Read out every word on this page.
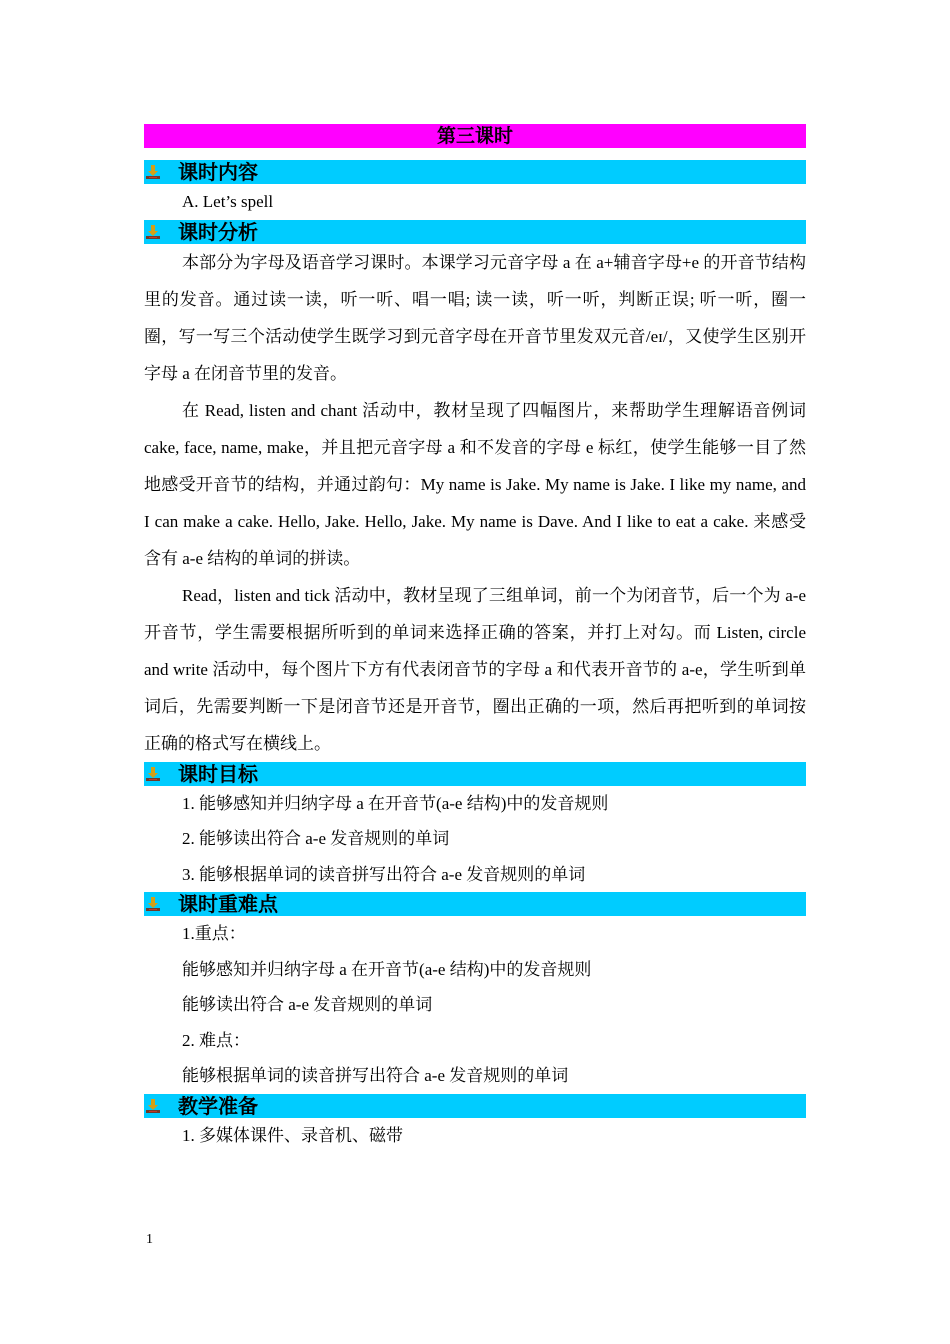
第三课时
课时内容

A. Let’s spell

课时分析

本部分为字母及语音学习课时。本课学习元音字母 a 在 a+辅音字母+e 的开音节结构里的发音。通过读一读，听一听、唱一唱; 读一读，听一听，判断正误; 听一听，圈一圈，写一写三个活动使学生既学习到元音字母在开音节里发双元音/eɪ/，又使学生区别开字母 a 在闭音节里的发音。

在 Read, listen and chant 活动中，教材呈现了四幅图片，来帮助学生理解语音例词 cake, face, name, make，并且把元音字母 a 和不发音的字母 e 标红，使学生能够一目了然地感受开音节的结构，并通过韵句：My name is Jake. My name is Jake. I like my name, and I can make a cake. Hello, Jake. Hello, Jake. My name is Dave. And I like to eat a cake. 来感受含有 a-e 结构的单词的拼读。

Read，listen and tick 活动中，教材呈现了三组单词，前一个为闭音节，后一个为 a-e 开音节，学生需要根据所听到的单词来选择正确的答案，并打上对勾。而 Listen, circle and write 活动中，每个图片下方有代表闭音节的字母 a 和代表开音节的 a-e，学生听到单词后，先需要判断一下是闭音节还是开音节，圈出正确的一项，然后再把听到的单词按正确的格式写在横线上。

课时目标

1. 能够感知并归纳字母 a 在开音节(a-e 结构)中的发音规则

2. 能够读出符合 a-e 发音规则的单词

3. 能够根据单词的读音拼写出符合 a-e 发音规则的单词

课时重难点

1.重点：

能够感知并归纳字母 a 在开音节(a-e 结构)中的发音规则

能够读出符合 a-e 发音规则的单词

2. 难点：

能够根据单词的读音拼写出符合 a-e 发音规则的单词

教学准备

1. 多媒体课件、录音机、磁带

1
